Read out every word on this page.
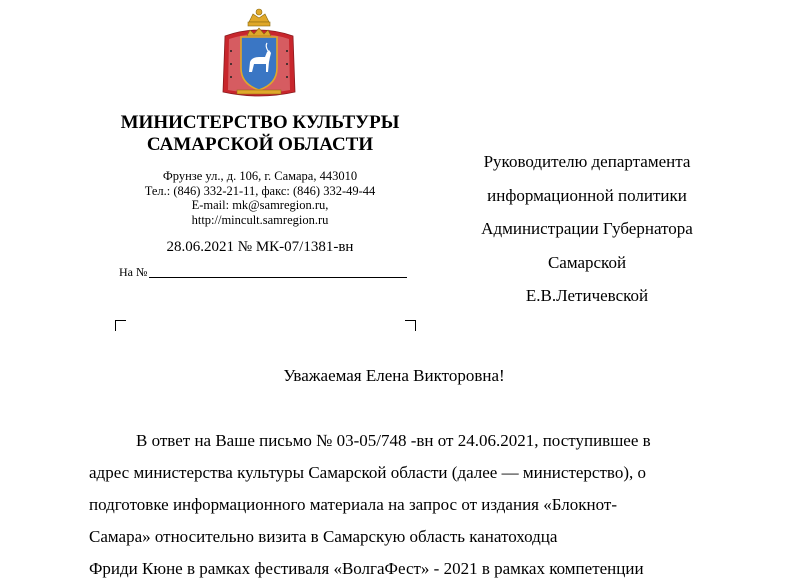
МИНИСТЕРСТВО КУЛЬТУРЫ
САМАРСКОЙ ОБЛАСТИ
Фрунзе ул., д. 106, г. Самара, 443010
Тел.: (846) 332-21-11, факс: (846) 332-49-44
E-mail: mk@samregion.ru,
http://mincult.samregion.ru
28.06.2021 № МК-07/1381-вн
На №
Руководителю департамента
информационной политики
Администрации Губернатора
Самарской
Е.В.Летичевской
Уважаемая Елена Викторовна!
В ответ на Ваше письмо № 03-05/748 -вн от 24.06.2021, поступившее в
адрес министерства культуры Самарской области (далее — министерство), о
подготовке информационного материала на запрос от издания «Блокнот-
Самара» относительно визита в Самарскую область канатоходца
Фриди Кюне в рамках фестиваля «ВолгаФест» - 2021 в рамках компетенции
